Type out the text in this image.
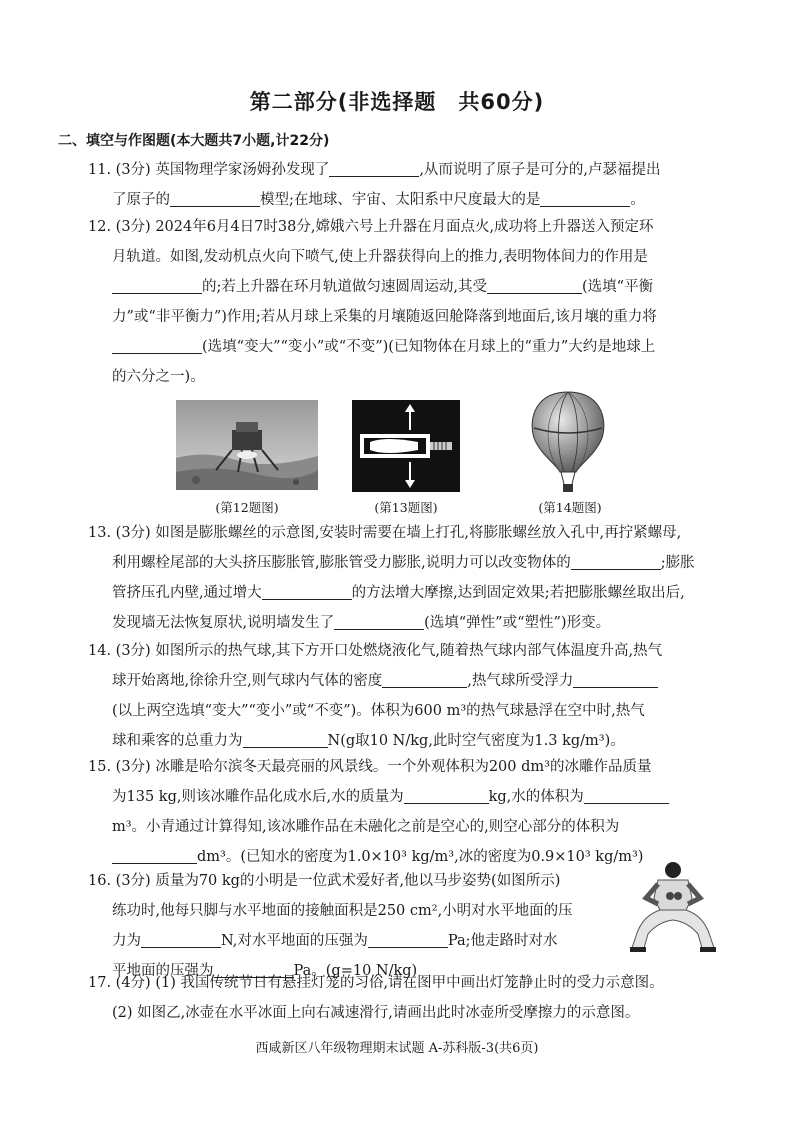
第二部分(非选择题　共60分)
二、填空与作图题(本大题共7小题,计22分)
11. (3分) 英国物理学家汤姆孙发现了	,从而说明了原子是可分的,卢瑟福提出
了原子的	模型;在地球、宇宙、太阳系中尺度最大的是	。
12. (3分) 2024年6月4日7时38分,嫦娥六号上升器在月面点火,成功将上升器送入预定环
月轨道。如图,发动机点火向下喷气,使上升器获得向上的推力,表明物体间力的作用是
的;若上升器在环月轨道做匀速圆周运动,其受	(选填“平衡
力”或“非平衡力”)作用;若从月球上采集的月壤随返回舱降落到地面后,该月壤的重力将
(选填“变大”“变小”或“不变”)(已知物体在月球上的“重力”大约是地球上
的六分之一)。
(第12题图)	(第13题图)	(第14题图)
13. (3分) 如图是膨胀螺丝的示意图,安装时需要在墙上打孔,将膨胀螺丝放入孔中,再拧紧螺母,
利用螺栓尾部的大头挤压膨胀管,膨胀管受力膨胀,说明力可以改变物体的	;膨胀
管挤压孔内壁,通过增大	的方法增大摩擦,达到固定效果;若把膨胀螺丝取出后,
发现墙无法恢复原状,说明墙发生了	(选填“弹性”或“塑性”)形变。
14. (3分) 如图所示的热气球,其下方开口处燃烧液化气,随着热气球内部气体温度升高,热气
球开始离地,徐徐升空,则气球内气体的密度	,热气球所受浮力
(以上两空选填“变大”“变小”或“不变”)。体积为600 m³的热气球悬浮在空中时,热气
球和乘客的总重力为	N(g取10 N/kg,此时空气密度为1.3 kg/m³)。
15. (3分) 冰雕是哈尔滨冬天最亮丽的风景线。一个外观体积为200 dm³的冰雕作品质量
为135 kg,则该冰雕作品化成水后,水的质量为	kg,水的体积为
m³。小青通过计算得知,该冰雕作品在未融化之前是空心的,则空心部分的体积为
dm³。(已知水的密度为1.0×10³ kg/m³,冰的密度为0.9×10³ kg/m³)
16. (3分) 质量为70 kg的小明是一位武术爱好者,他以马步姿势(如图所示)
练功时,他每只脚与水平地面的接触面积是250 cm²,小明对水平地面的压
力为	N,对水平地面的压强为	Pa;他走路时对水
平地面的压强为	Pa。(g=10 N/kg)
17. (4分) (1) 我国传统节日有悬挂灯笼的习俗,请在图甲中画出灯笼静止时的受力示意图。
(2) 如图乙,冰壶在水平冰面上向右减速滑行,请画出此时冰壶所受摩擦力的示意图。
西咸新区八年级物理期末试题 A-苏科版-3(共6页)
